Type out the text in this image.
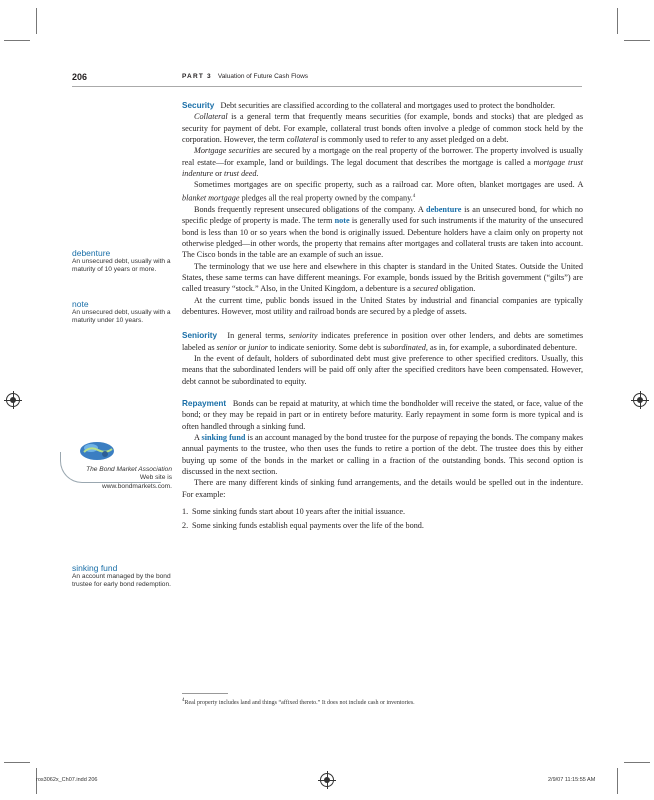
206	PART 3 Valuation of Future Cash Flows

Security Debt securities are classified according to the collateral and mortgages used to protect the bondholder.

Collateral is a general term that frequently means securities (for example, bonds and stocks) that are pledged as security for payment of debt. For example, collateral trust bonds often involve a pledge of common stock held by the corporation. However, the term collateral is commonly used to refer to any asset pledged on a debt.

Mortgage securities are secured by a mortgage on the real property of the borrower. The property involved is usually real estate—for example, land or buildings. The legal document that describes the mortgage is called a mortgage trust indenture or trust deed.

Sometimes mortgages are on specific property, such as a railroad car. More often, blanket mortgages are used. A blanket mortgage pledges all the real property owned by the company.$^4$

Bonds frequently represent unsecured obligations of the company. A debenture is an unsecured bond, for which no specific pledge of property is made. The term note is generally used for such instruments if the maturity of the unsecured bond is less than 10 or so years when the bond is originally issued. Debenture holders have a claim only on property not otherwise pledged—in other words, the property that remains after mortgages and collateral trusts are taken into account. The Cisco bonds in the table are an example of such an issue.

The terminology that we use here and elsewhere in this chapter is standard in the United States. Outside the United States, these same terms can have different meanings. For example, bonds issued by the British government (“gilts”) are called treasury “stock.” Also, in the United Kingdom, a debenture is a secured obligation.

At the current time, public bonds issued in the United States by industrial and financial companies are typically debentures. However, most utility and railroad bonds are secured by a pledge of assets.

Seniority In general terms, seniority indicates preference in position over other lenders, and debts are sometimes labeled as senior or junior to indicate seniority. Some debt is subordinated, as in, for example, a subordinated debenture.

In the event of default, holders of subordinated debt must give preference to other specified creditors. Usually, this means that the subordinated lenders will be paid off only after the specified creditors have been compensated. However, debt cannot be subordinated to equity.

Repayment Bonds can be repaid at maturity, at which time the bondholder will receive the stated, or face, value of the bond; or they may be repaid in part or in entirety before maturity. Early repayment in some form is more typical and is often handled through a sinking fund.

A sinking fund is an account managed by the bond trustee for the purpose of repaying the bonds. The company makes annual payments to the trustee, who then uses the funds to retire a portion of the debt. The trustee does this by either buying up some of the bonds in the market or calling in a fraction of the outstanding bonds. This second option is discussed in the next section.

There are many different kinds of sinking fund arrangements, and the details would be spelled out in the indenture. For example:

1. Some sinking funds start about 10 years after the initial issuance.
2. Some sinking funds establish equal payments over the life of the bond.
debenture
An unsecured debt, usually with a maturity of 10 years or more.
note
An unsecured debt, usually with a maturity under 10 years.
sinking fund
An account managed by the bond trustee for early bond redemption.
The Bond Market Association Web site is www.bondmarkets.com.
$^4$Real property includes land and things “affixed thereto.” It does not include cash or inventories.
ros3062x_Ch07.indd 206	2/9/07 11:15:55 AM
